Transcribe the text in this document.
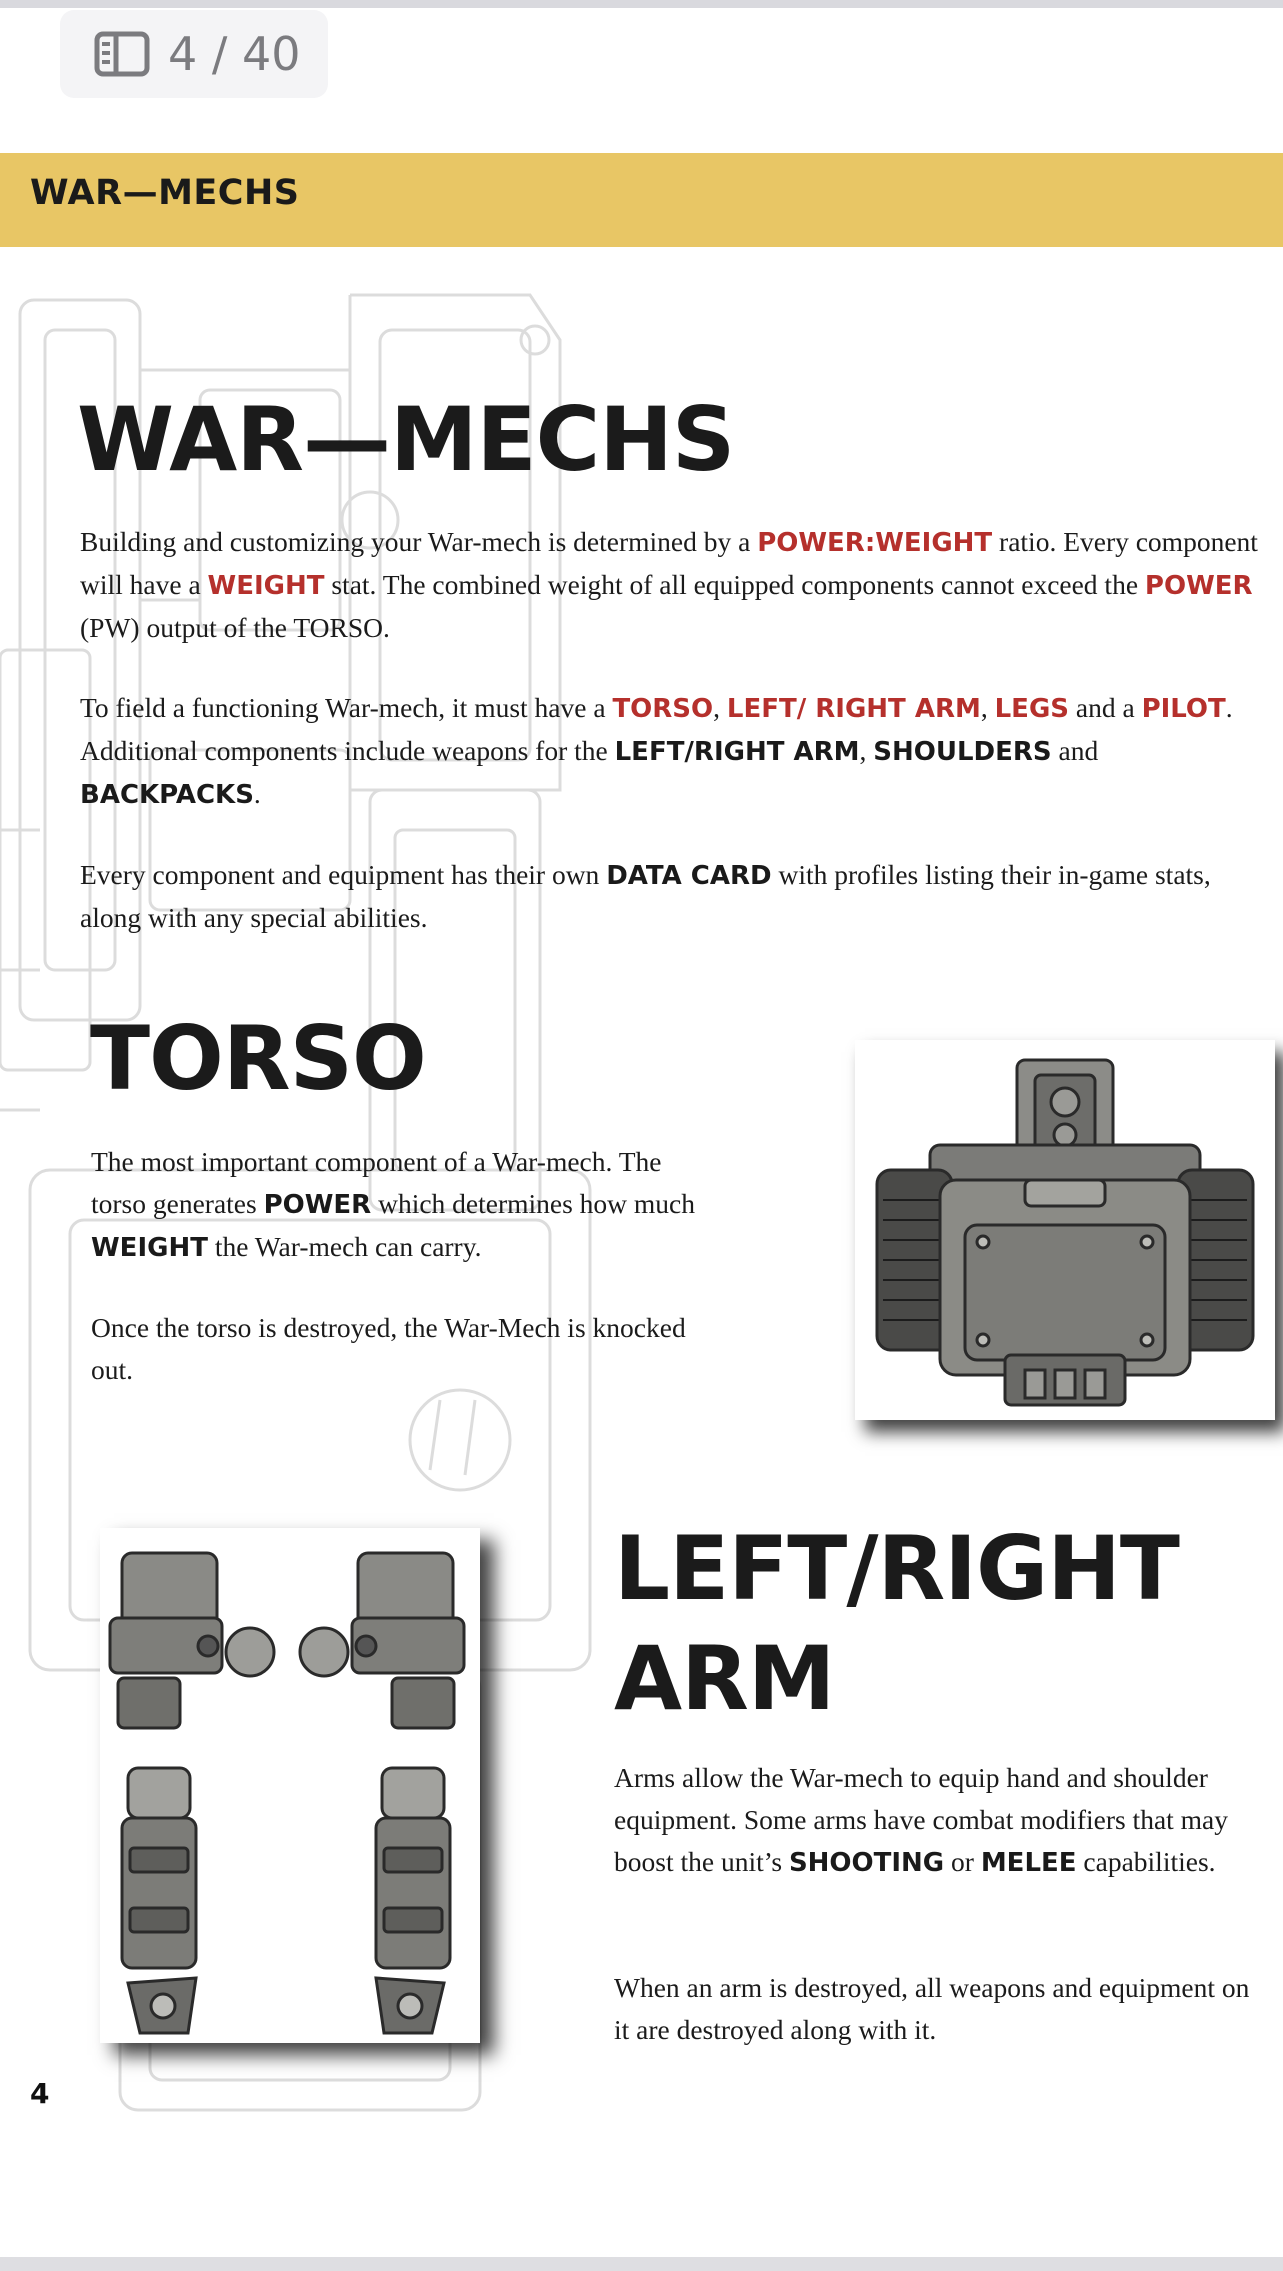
4 / 40

WAR—MECHS

WAR—MECHS

Building and customizing your War-mech is determined by a POWER:WEIGHT ratio. Every component will have a WEIGHT stat. The combined weight of all equipped components cannot exceed the POWER (PW) output of the TORSO.

To field a functioning War-mech, it must have a TORSO, LEFT/ RIGHT ARM, LEGS and a PILOT. Additional components include weapons for the LEFT/RIGHT ARM, SHOULDERS and BACKPACKS.

Every component and equipment has their own DATA CARD with profiles listing their in-game stats, along with any special abilities.

TORSO

The most important component of a War-mech. The torso generates POWER which determines how much WEIGHT the War-mech can carry.

Once the torso is destroyed, the War-Mech is knocked out.

LEFT/RIGHT
ARM

Arms allow the War-mech to equip hand and shoulder equipment. Some arms have combat modifiers that may boost the unit’s SHOOTING or MELEE capabilities.

When an arm is destroyed, all weapons and equipment on it are destroyed along with it.

4
